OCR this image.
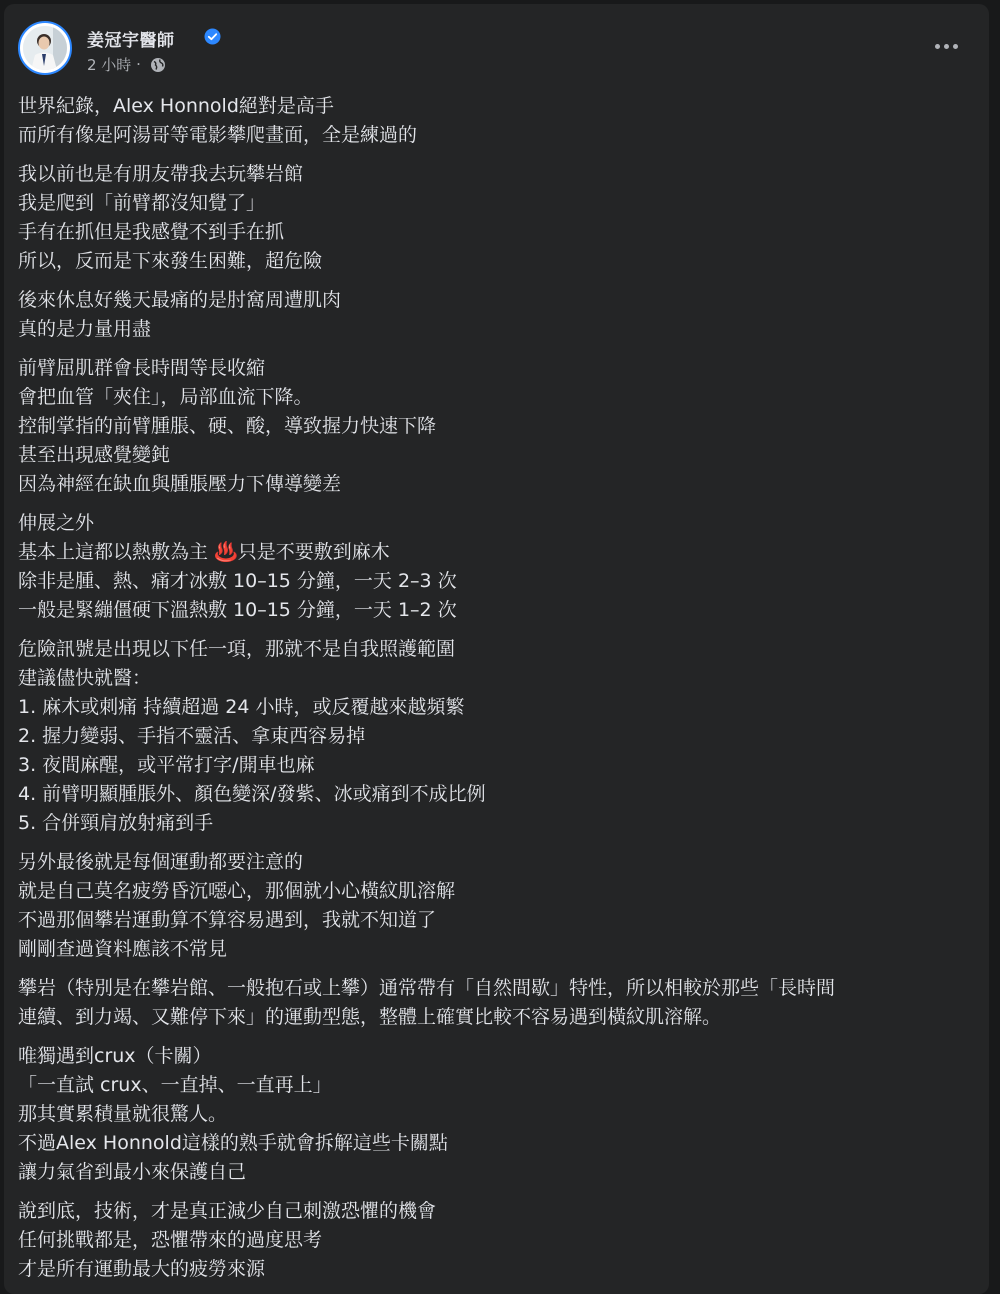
姜冠宇醫師
2 小時 ·
世界紀錄，Alex Honnold絕對是高手
而所有像是阿湯哥等電影攀爬畫面，全是練過的
我以前也是有朋友帶我去玩攀岩館
我是爬到「前臂都沒知覺了」
手有在抓但是我感覺不到手在抓
所以，反而是下來發生困難，超危險
後來休息好幾天最痛的是肘窩周遭肌肉
真的是力量用盡
前臂屈肌群會長時間等長收縮
會把血管「夾住」，局部血流下降。
控制掌指的前臂腫脹、硬、酸，導致握力快速下降
甚至出現感覺變鈍
因為神經在缺血與腫脹壓力下傳導變差
伸展之外
基本上這都以熱敷為主 ♨️只是不要敷到麻木
除非是腫、熱、痛才冰敷 10–15 分鐘，一天 2–3 次
一般是緊繃僵硬下溫熱敷 10–15 分鐘，一天 1–2 次
危險訊號是出現以下任一項，那就不是自我照護範圍
建議儘快就醫：
1. 麻木或刺痛 持續超過 24 小時，或反覆越來越頻繁
2. 握力變弱、手指不靈活、拿東西容易掉
3. 夜間麻醒，或平常打字/開車也麻
4. 前臂明顯腫脹外、顏色變深/發紫、冰或痛到不成比例
5. 合併頸肩放射痛到手
另外最後就是每個運動都要注意的
就是自己莫名疲勞昏沉噁心，那個就小心橫紋肌溶解
不過那個攀岩運動算不算容易遇到，我就不知道了
剛剛查過資料應該不常見
攀岩（特別是在攀岩館、一般抱石或上攀）通常帶有「自然間歇」特性，所以相較於那些「長時間
連續、到力竭、又難停下來」的運動型態，整體上確實比較不容易遇到橫紋肌溶解。
唯獨遇到crux（卡關）
「一直試 crux、一直掉、一直再上」
那其實累積量就很驚人。
不過Alex Honnold這樣的熟手就會拆解這些卡關點
讓力氣省到最小來保護自己
說到底，技術，才是真正減少自己刺激恐懼的機會
任何挑戰都是，恐懼帶來的過度思考
才是所有運動最大的疲勞來源
